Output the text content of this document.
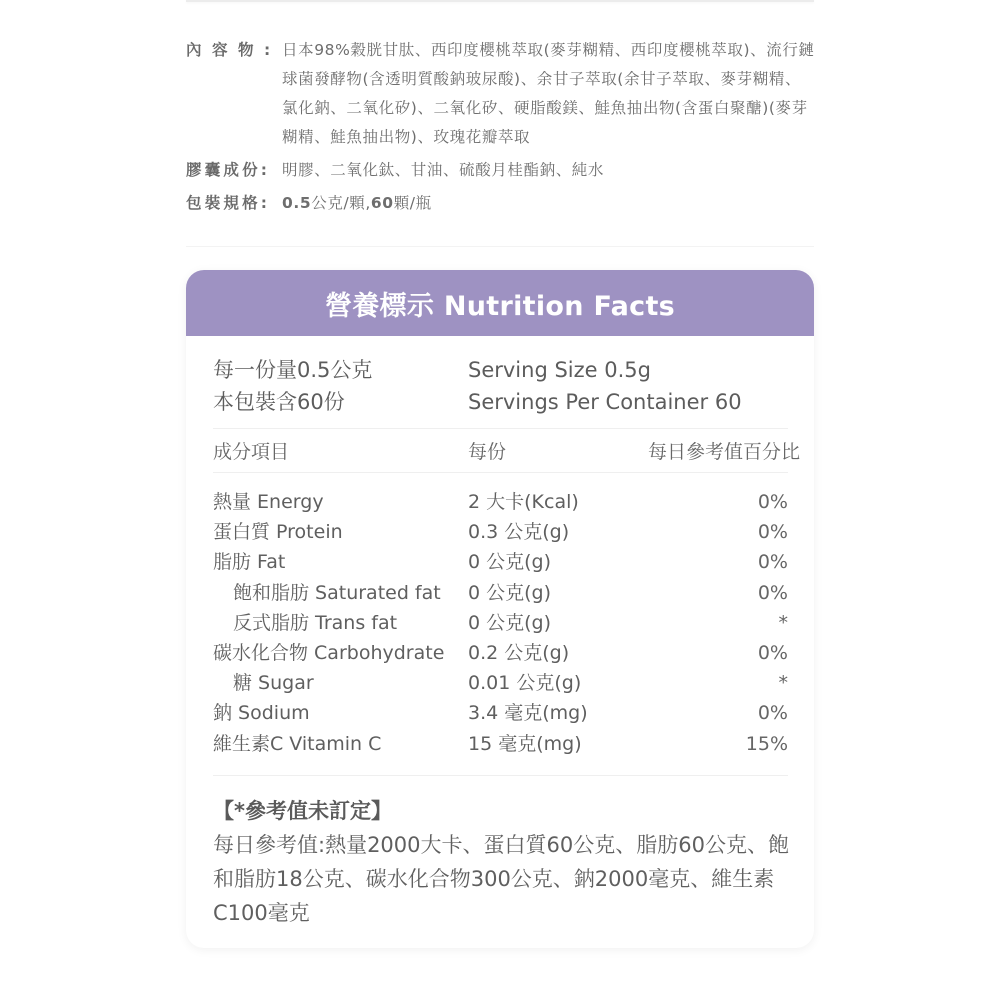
內容物: 日本98%穀胱甘肽、西印度櫻桃萃取(麥芽糊精、西印度櫻桃萃取)、流行鏈球菌發酵物(含透明質酸鈉玻尿酸)、余甘子萃取(余甘子萃取、麥芽糊精、氯化鈉、二氧化矽)、二氧化矽、硬脂酸鎂、鮭魚抽出物(含蛋白聚醣)(麥芽糊精、鮭魚抽出物)、玫瑰花瓣萃取
膠囊成份: 明膠、二氧化鈦、甘油、硫酸月桂酯鈉、純水
包裝規格: 0.5公克/顆,60顆/瓶
營養標示 Nutrition Facts
每一份量0.5公克	Serving Size 0.5g
本包裝含60份	Servings Per Container 60
成分項目	每份	每日參考值百分比
熱量 Energy	2 大卡(Kcal)	0%
蛋白質 Protein	0.3 公克(g)	0%
脂肪 Fat	0 公克(g)	0%
飽和脂肪 Saturated fat	0 公克(g)	0%
反式脂肪 Trans fat	0 公克(g)	*
碳水化合物 Carbohydrate	0.2 公克(g)	0%
糖 Sugar	0.01 公克(g)	*
鈉 Sodium	3.4 毫克(mg)	0%
維生素C Vitamin C	15 毫克(mg)	15%
【*參考值未訂定】
每日參考值:熱量2000大卡、蛋白質60公克、脂肪60公克、飽和脂肪18公克、碳水化合物300公克、鈉2000毫克、維生素C100毫克
